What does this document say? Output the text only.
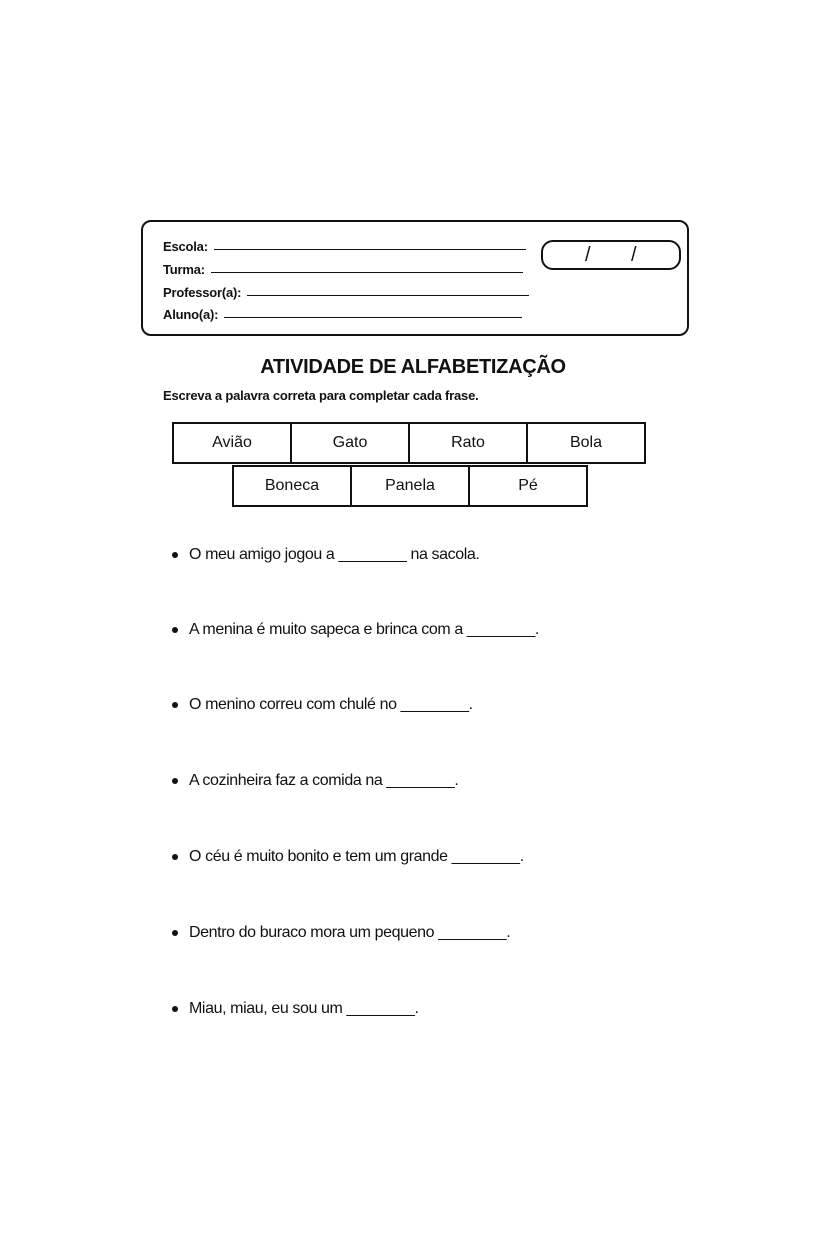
Escola:
Turma:
Professor(a):
Aluno(a):
/ /
ATIVIDADE DE ALFABETIZAÇÃO
Escreva a palavra correta para completar cada frase.
Avião	Gato	Rato	Bola
Boneca	Panela	Pé
O meu amigo jogou a
________
na sacola.
A menina é muito sapeca e brinca com a
________ .
O menino correu com chulé no
________ .
A cozinheira faz a comida na
________ .
O céu é muito bonito e tem um grande
________ .
Dentro do buraco mora um pequeno
________ .
Miau, miau, eu sou um
________ .
